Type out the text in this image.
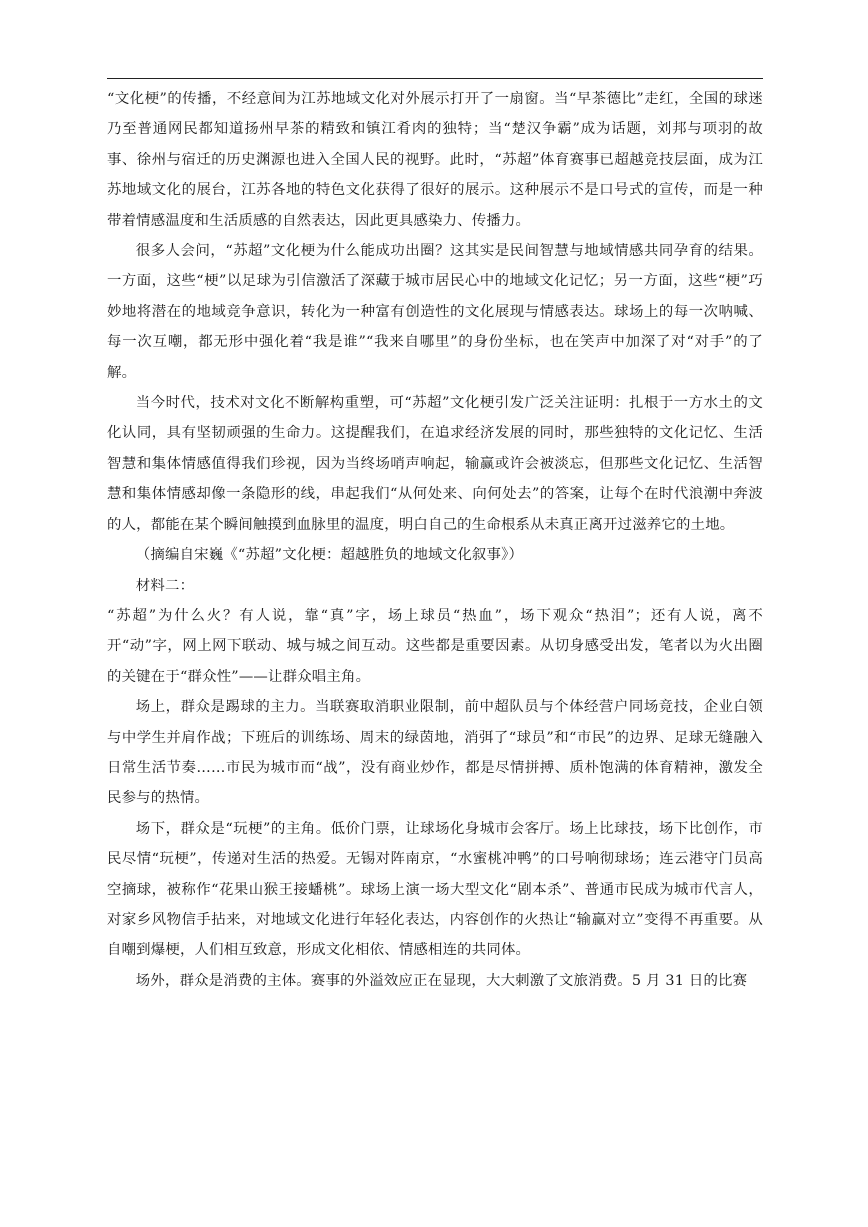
“文化梗”的传播，不经意间为江苏地域文化对外展示打开了一扇窗。当“早茶德比”走红，全国的球迷乃至普通网民都知道扬州早茶的精致和镇江肴肉的独特；当“楚汉争霸”成为话题，刘邦与项羽的故事、徐州与宿迁的历史渊源也进入全国人民的视野。此时，“苏超”体育赛事已超越竞技层面，成为江苏地域文化的展台，江苏各地的特色文化获得了很好的展示。这种展示不是口号式的宣传，而是一种带着情感温度和生活质感的自然表达，因此更具感染力、传播力。

很多人会问，“苏超”文化梗为什么能成功出圈？这其实是民间智慧与地域情感共同孕育的结果。一方面，这些“梗”以足球为引信激活了深藏于城市居民心中的地域文化记忆；另一方面，这些“梗”巧妙地将潜在的地域竞争意识，转化为一种富有创造性的文化展现与情感表达。球场上的每一次呐喊、每一次互嘲，都无形中强化着“我是谁”“我来自哪里”的身份坐标，也在笑声中加深了对“对手”的了解。

当今时代，技术对文化不断解构重塑，可“苏超”文化梗引发广泛关注证明：扎根于一方水土的文化认同，具有坚韧顽强的生命力。这提醒我们，在追求经济发展的同时，那些独特的文化记忆、生活智慧和集体情感值得我们珍视，因为当终场哨声响起，输赢或许会被淡忘，但那些文化记忆、生活智慧和集体情感却像一条隐形的线，串起我们“从何处来、向何处去”的答案，让每个在时代浪潮中奔波的人，都能在某个瞬间触摸到血脉里的温度，明白自己的生命根系从未真正离开过滋养它的土地。

（摘编自宋巍《“苏超”文化梗：超越胜负的地域文化叙事》）

材料二：

“苏超”为什么火？有人说，靠“真”字，场上球员“热血”，场下观众“热泪”；还有人说，离不开“动”字，网上网下联动、城与城之间互动。这些都是重要因素。从切身感受出发，笔者以为火出圈的关键在于“群众性”——让群众唱主角。

场上，群众是踢球的主力。当联赛取消职业限制，前中超队员与个体经营户同场竞技，企业白领与中学生并肩作战；下班后的训练场、周末的绿茵地，消弭了“球员”和“市民”的边界、足球无缝融入日常生活节奏……市民为城市而“战”，没有商业炒作，都是尽情拼搏、质朴饱满的体育精神，激发全民参与的热情。

场下，群众是“玩梗”的主角。低价门票，让球场化身城市会客厅。场上比球技，场下比创作，市民尽情“玩梗”，传递对生活的热爱。无锡对阵南京，“水蜜桃冲鸭”的口号响彻球场；连云港守门员高空摘球，被称作“花果山猴王接蟠桃”。球场上演一场大型文化“剧本杀”、普通市民成为城市代言人，对家乡风物信手拈来，对地域文化进行年轻化表达，内容创作的火热让“输赢对立”变得不再重要。从自嘲到爆梗，人们相互致意，形成文化相依、情感相连的共同体。

场外，群众是消费的主体。赛事的外溢效应正在显现，大大刺激了文旅消费。5 月 31 日的比赛
